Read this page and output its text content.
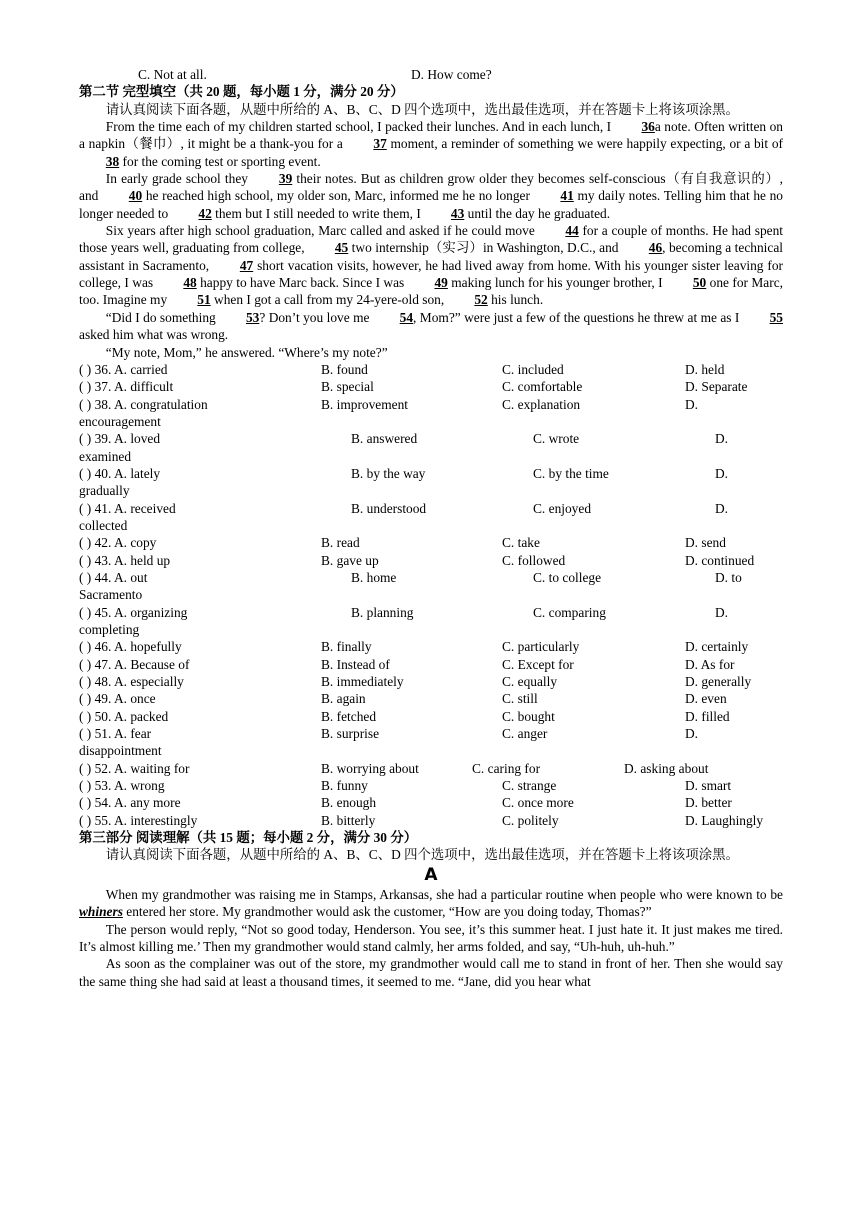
C. Not at all.	D. How come?
第二节 完型填空（共 20 题，每小题 1 分，满分 20 分）
请认真阅读下面各题，从题中所给的 A、B、C、D 四个选项中，选出最佳选项，并在答题卡上将该项涂黑。
From the time each of my children started school, I packed their lunches. And in each lunch, I 36a note. Often written on a napkin（餐巾）, it might be a thank-you for a 37 moment, a reminder of something we were happily expecting, or a bit of 38 for the coming test or sporting event.
In early grade school they 39 their notes. But as children grow older they becomes self-conscious（有自我意识的）, and 40 he reached high school, my older son, Marc, informed me he no longer 41 my daily notes. Telling him that he no longer needed to 42 them but I still needed to write them, I 43 until the day he graduated.
Six years after high school graduation, Marc called and asked if he could move 44 for a couple of months. He had spent those years well, graduating from college, 45 two internship（实习）in Washington, D.C., and 46, becoming a technical assistant in Sacramento, 47 short vacation visits, however, he had lived away from home. With his younger sister leaving for college, I was 48 happy to have Marc back. Since I was 49 making lunch for his younger brother, I 50 one for Marc, too. Imagine my 51 when I got a call from my 24-yere-old son, 52 his lunch.
“Did I do something 53? Don’t you love me 54, Mom?” were just a few of the questions he threw at me as I 55 asked him what was wrong.
“My note, Mom,” he answered. “Where’s my note?”
( ) 36. A. carried	B. found	C. included	D. held
( ) 37. A. difficult	B. special	C. comfortable	D. Separate
( ) 38. A. congratulation	B. improvement	C. explanation	D.
encouragement
( ) 39. A. loved	B. answered	C. wrote	D.
examined
( ) 40. A. lately	B. by the way	C. by the time	D.
gradually
( ) 41. A. received	B. understood	C. enjoyed	D.
collected
( ) 42. A. copy	B. read	C. take	D. send
( ) 43. A. held up	B. gave up	C. followed	D. continued
( ) 44. A. out	B. home	C. to college	D. to
Sacramento
( ) 45. A. organizing	B. planning	C. comparing	D.
completing
( ) 46. A. hopefully	B. finally	C. particularly	D. certainly
( ) 47. A. Because of	B. Instead of	C. Except for	D. As for
( ) 48. A. especially	B. immediately	C. equally	D. generally
( ) 49. A. once	B. again	C. still	D. even
( ) 50. A. packed	B. fetched	C. bought	D. filled
( ) 51. A. fear	B. surprise	C. anger	D.
disappointment
( ) 52. A. waiting for	B. worrying about	C. caring for	D. asking about
( ) 53. A. wrong	B. funny	C. strange	D. smart
( ) 54. A. any more	B. enough	C. once more	D. better
( ) 55. A. interestingly	B. bitterly	C. politely	D. Laughingly
第三部分 阅读理解（共 15 题；每小题 2 分，满分 30 分）
请认真阅读下面各题，从题中所给的 A、B、C、D 四个选项中，选出最佳选项，并在答题卡上将该项涂黑。
A
When my grandmother was raising me in Stamps, Arkansas, she had a particular routine when people who were known to be whiners entered her store. My grandmother would ask the customer, “How are you doing today, Thomas?”
The person would reply, “Not so good today, Henderson. You see, it’s this summer heat. I just hate it. It just makes me tired. It’s almost killing me.’ Then my grandmother would stand calmly, her arms folded, and say, “Uh-huh, uh-huh.”
As soon as the complainer was out of the store, my grandmother would call me to stand in front of her. Then she would say the same thing she had said at least a thousand times, it seemed to me. “Jane, did you hear what
